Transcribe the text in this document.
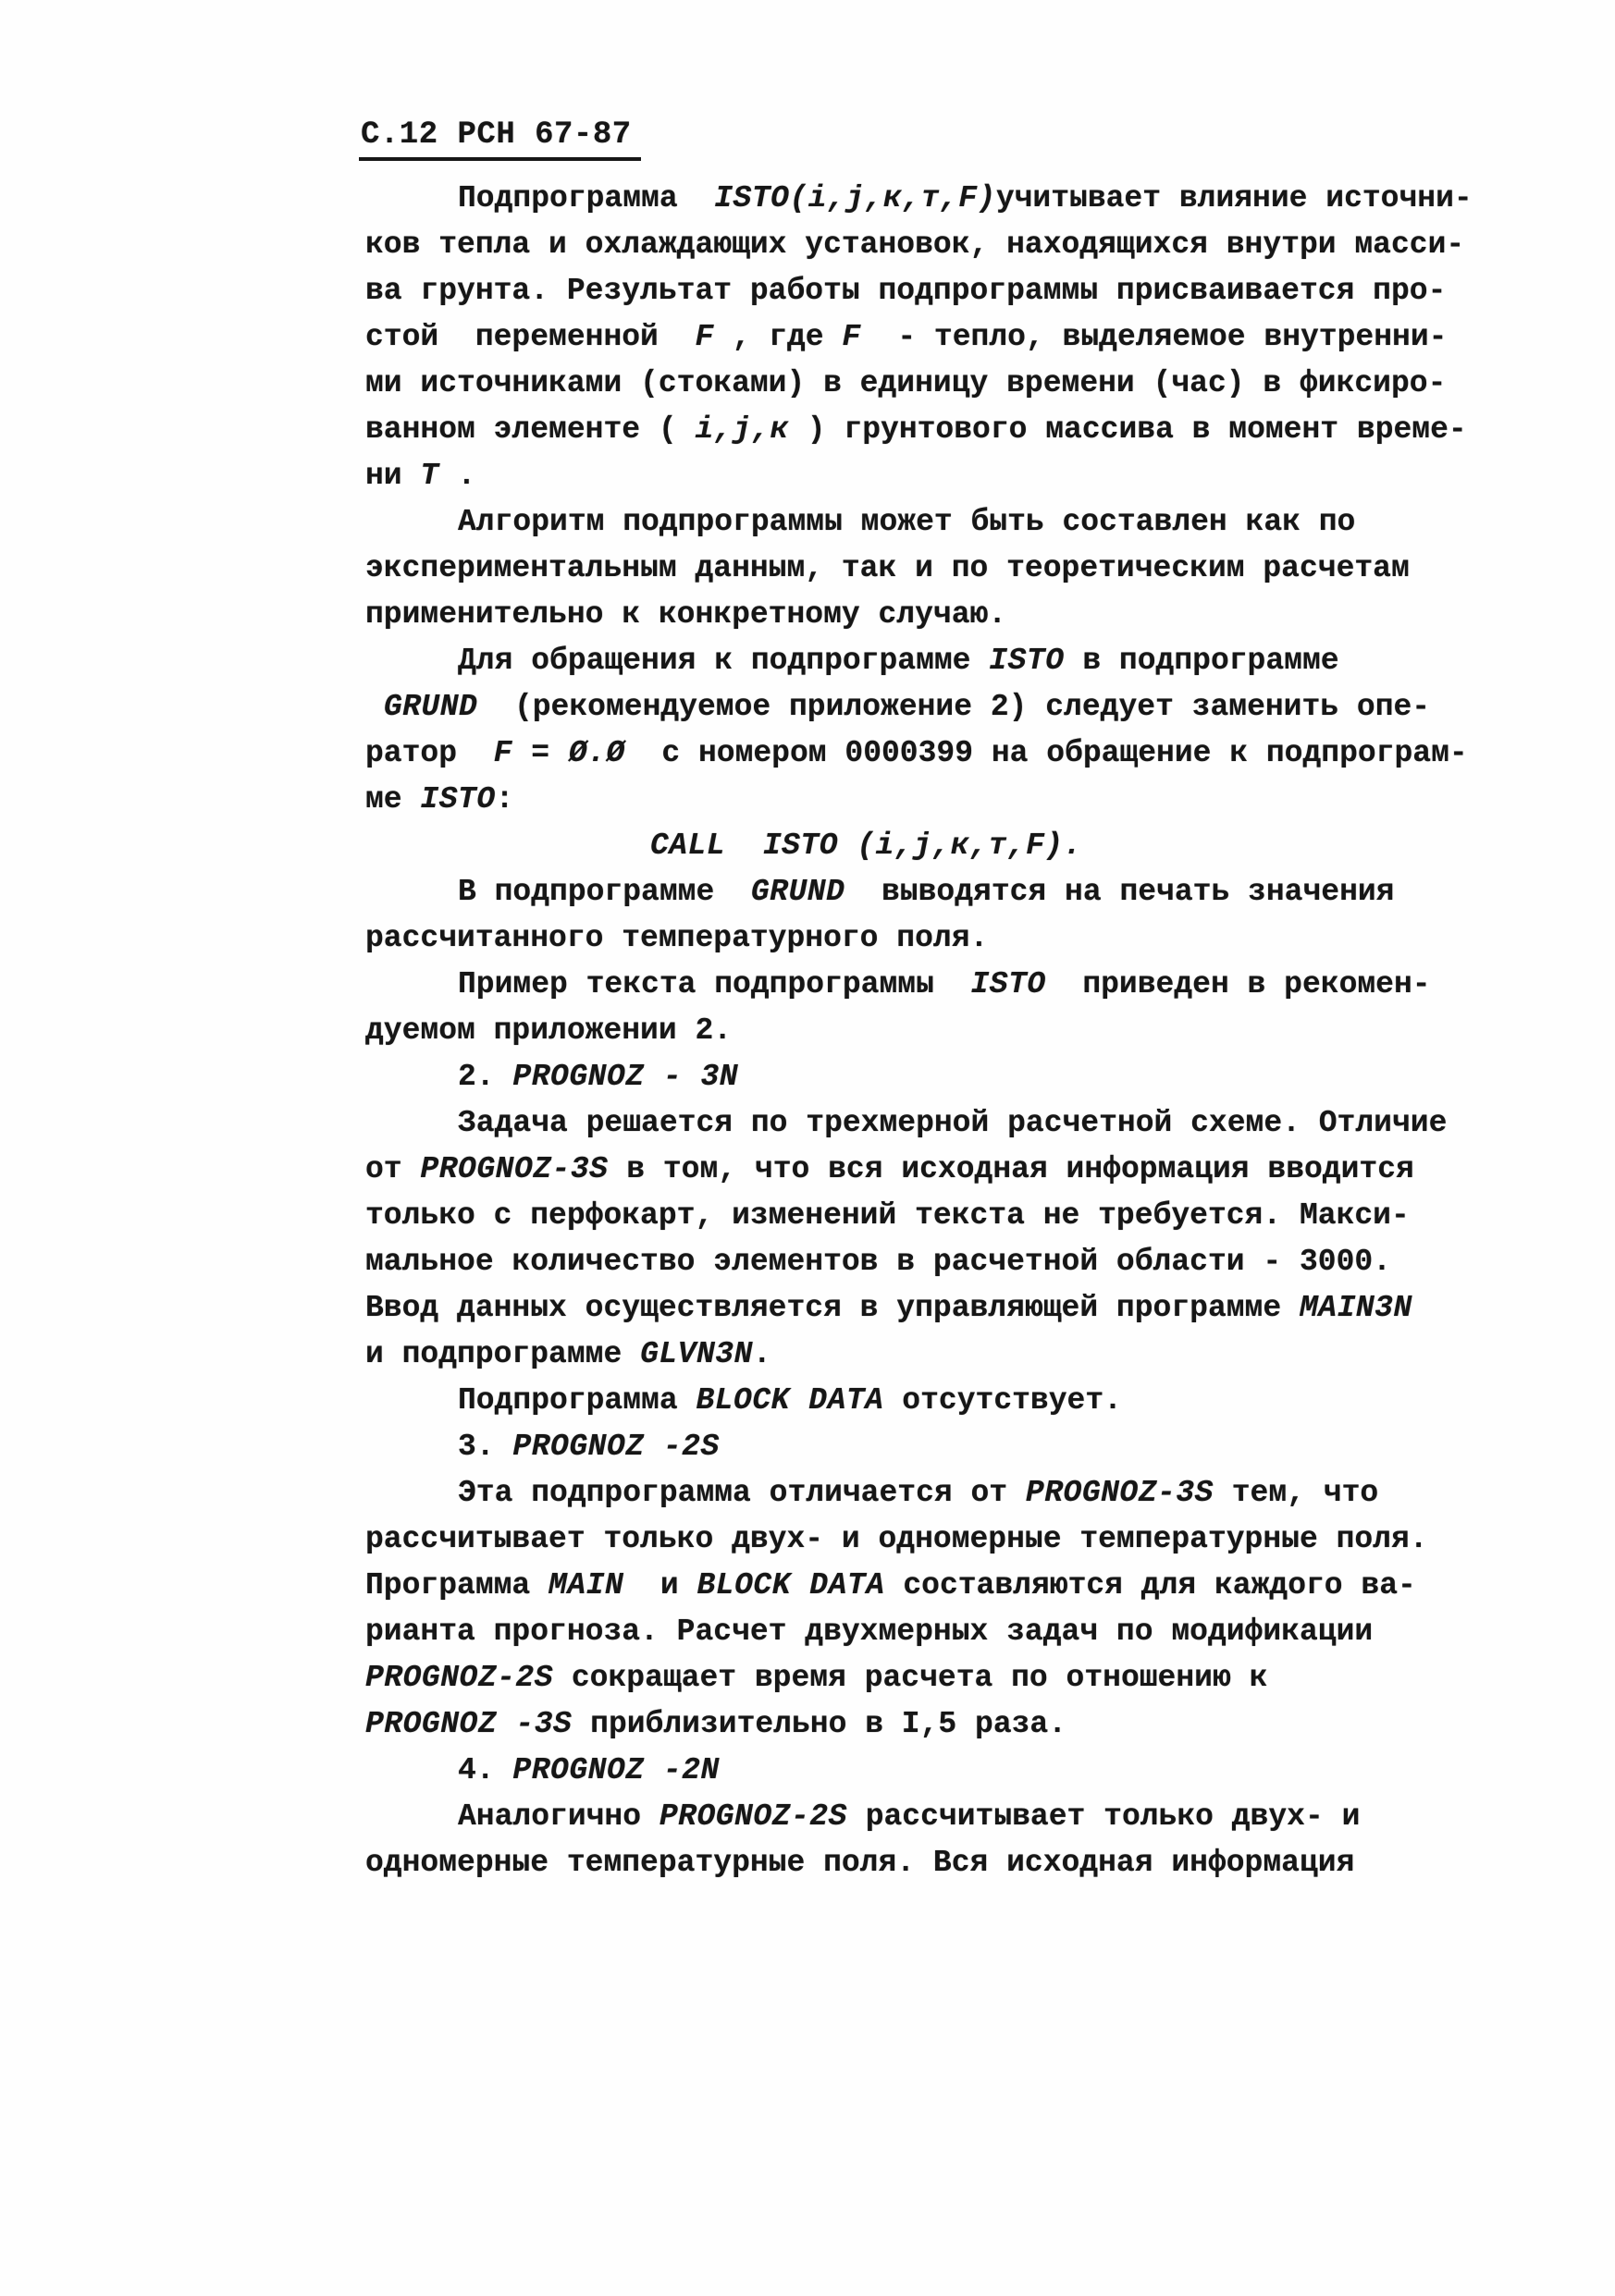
С.12 РСН 67-87
Подпрограмма  ISTO(i,j,к,т,F)учитывает влияние источни-
ков тепла и охлаждающих установок, находящихся внутри масси-
ва грунта. Результат работы подпрограммы присваивается про-
стой  переменной  F , где F  - тепло, выделяемое внутренни-
ми источниками (стоками) в единицу времени (час) в фиксиро-
ванном элементе ( i,j,к ) грунтового массива в момент време-
ни Т .
Алгоритм подпрограммы может быть составлен как по
экспериментальным данным, так и по теоретическим расчетам
применительно к конкретному случаю.
Для обращения к подпрограмме ISTO в подпрограмме
GRUND  (рекомендуемое приложение 2) следует заменить опе-
ратор  F = Ø.Ø  с номером 0000399 на обращение к подпрограм-
ме ISTO:
CALL  ISTO (i,j,к,т,F).
В подпрограмме  GRUND  выводятся на печать значения
рассчитанного температурного поля.
Пример текста подпрограммы  ISTO  приведен в рекомен-
дуемом приложении 2.
2. PROGNOZ - 3N
Задача решается по трехмерной расчетной схеме. Отличие
от PROGNOZ-3S в том, что вся исходная информация вводится
только с перфокарт, изменений текста не требуется. Макси-
мальное количество элементов в расчетной области - 3000.
Ввод данных осуществляется в управляющей программе MAIN3N
и подпрограмме GLVN3N.
Подпрограмма BLOCK DATA отсутствует.
3. PROGNOZ -2S
Эта подпрограмма отличается от PROGNOZ-3S тем, что
рассчитывает только двух- и одномерные температурные поля.
Программа MAIN  и BLOCK DATA составляются для каждого ва-
рианта прогноза. Расчет двухмерных задач по модификации
PROGNOZ-2S сокращает время расчета по отношению к
PROGNOZ -3S приблизительно в I,5 раза.
4. PROGNOZ -2N
Аналогично PROGNOZ-2S рассчитывает только двух- и
одномерные температурные поля. Вся исходная информация
